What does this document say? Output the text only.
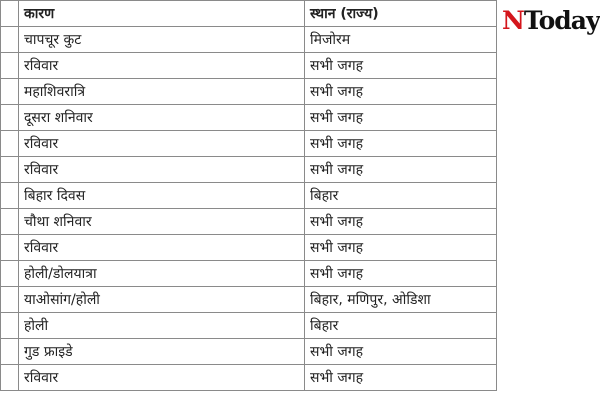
	कारण	स्थान (राज्य)	
	चापचूर कुट	मिजोरम	
	रविवार	सभी जगह	
	महाशिवरात्रि	सभी जगह	
	दूसरा शनिवार	सभी जगह	
	रविवार	सभी जगह	
	रविवार	सभी जगह	
	बिहार दिवस	बिहार	
	चौथा शनिवार	सभी जगह	
	रविवार	सभी जगह	
	होली/डोलयात्रा	सभी जगह	
	याओसांग/होली	बिहार, मणिपुर, ओडिशा	
	होली	बिहार	
	गुड फ्राइडे	सभी जगह	
	रविवार	सभी जगह	
NToday
